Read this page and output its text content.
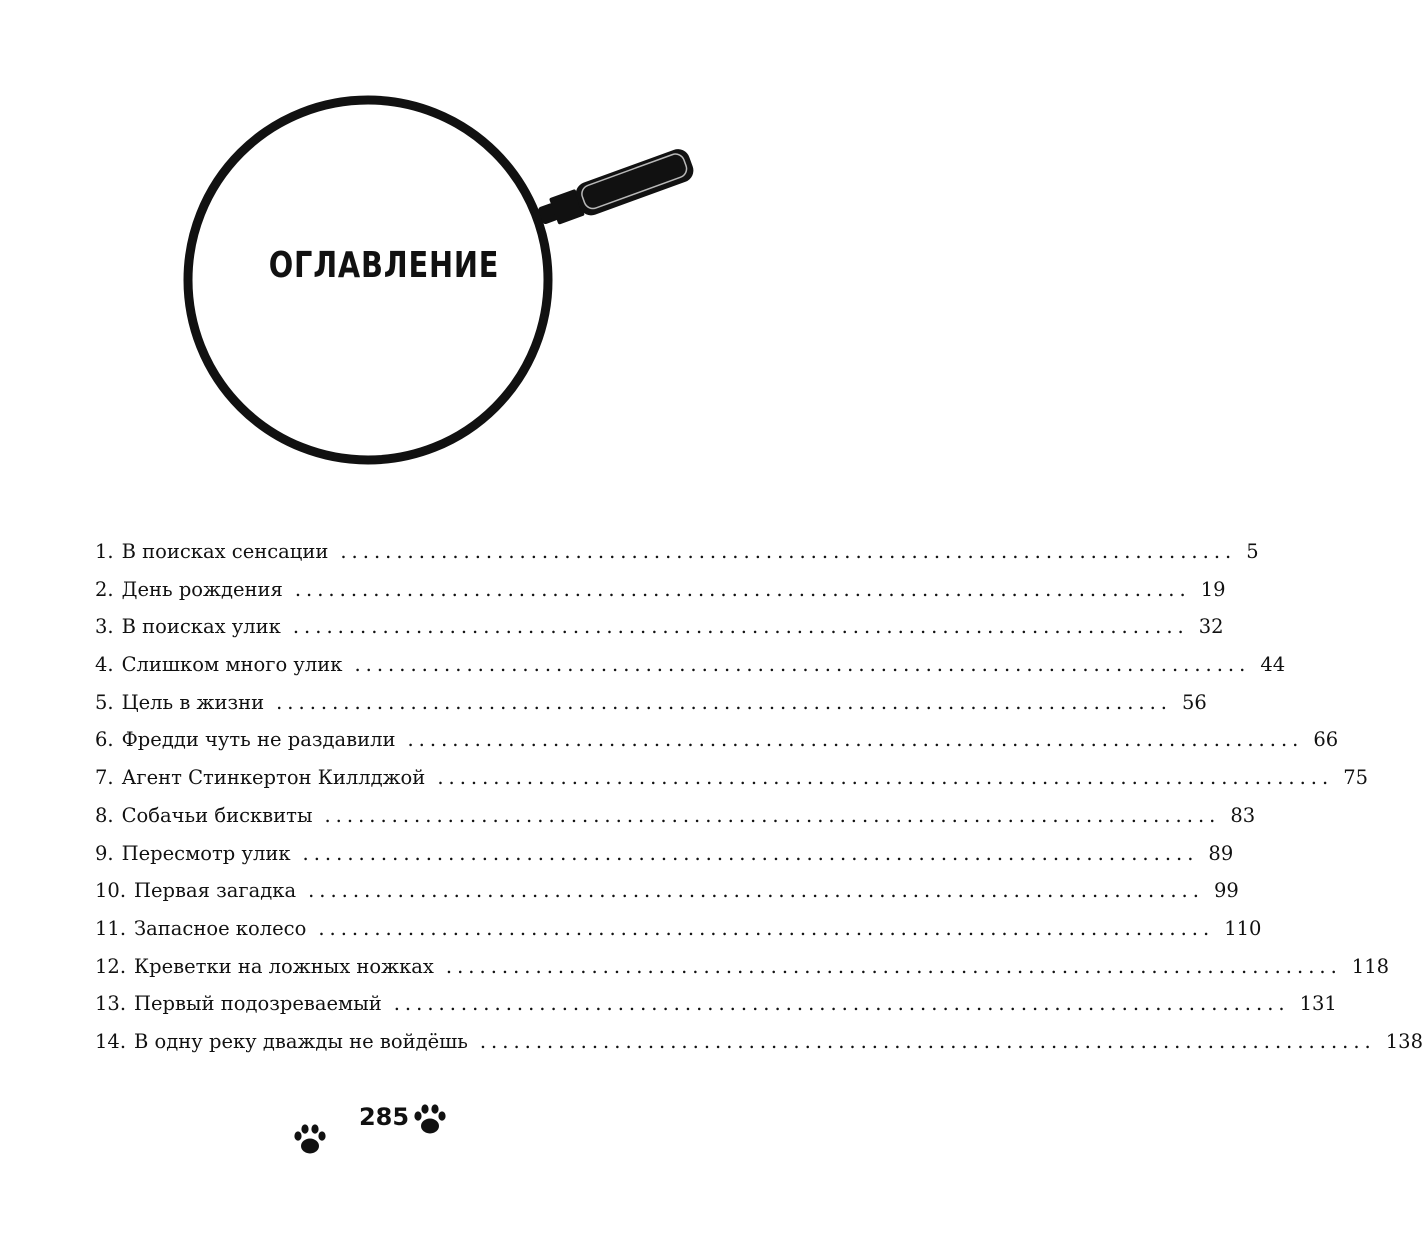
ОГЛАВЛЕНИЕ
1. В поисках сенсации ................................................................................ 5
2. День рождения ................................................................................ 19
3. В поисках улик ................................................................................ 32
4. Слишком много улик ................................................................................ 44
5. Цель в жизни ................................................................................ 56
6. Фредди чуть не раздавили ................................................................................ 66
7. Агент Стинкертон Киллджой ................................................................................ 75
8. Собачьи бисквиты ................................................................................ 83
9. Пересмотр улик ................................................................................ 89
10. Первая загадка ................................................................................ 99
11. Запасное колесо ................................................................................ 110
12. Креветки на ложных ножках ................................................................................ 118
13. Первый подозреваемый ................................................................................ 131
14. В одну реку дважды не войдёшь ................................................................................ 138
285
